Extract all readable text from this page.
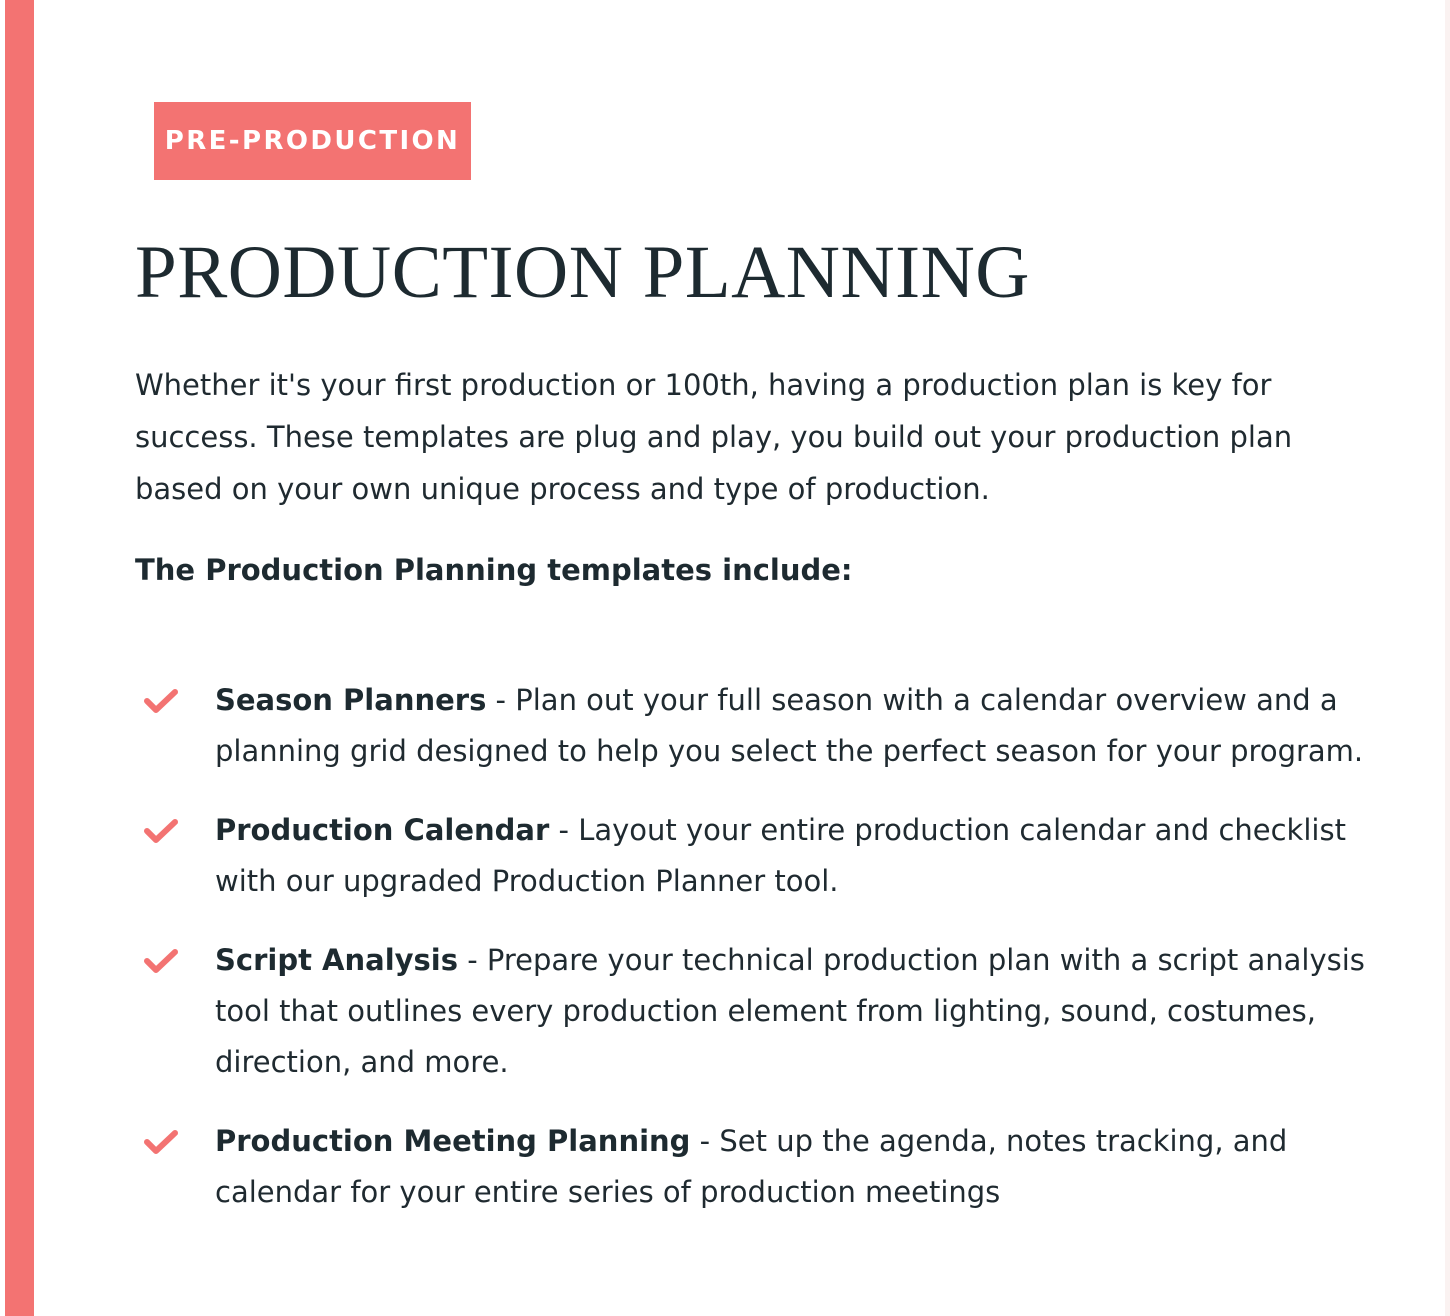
PRE-PRODUCTION
PRODUCTION PLANNING

Whether it's your first production or 100th, having a production plan is key for success. These templates are plug and play, you build out your production plan based on your own unique process and type of production.

The Production Planning templates include:

Season Planners - Plan out your full season with a calendar overview and a planning grid designed to help you select the perfect season for your program.
Production Calendar - Layout your entire production calendar and checklist with our upgraded Production Planner tool.
Script Analysis - Prepare your technical production plan with a script analysis tool that outlines every production element from lighting, sound, costumes, direction, and more.
Production Meeting Planning - Set up the agenda, notes tracking, and calendar for your entire series of production meetings
